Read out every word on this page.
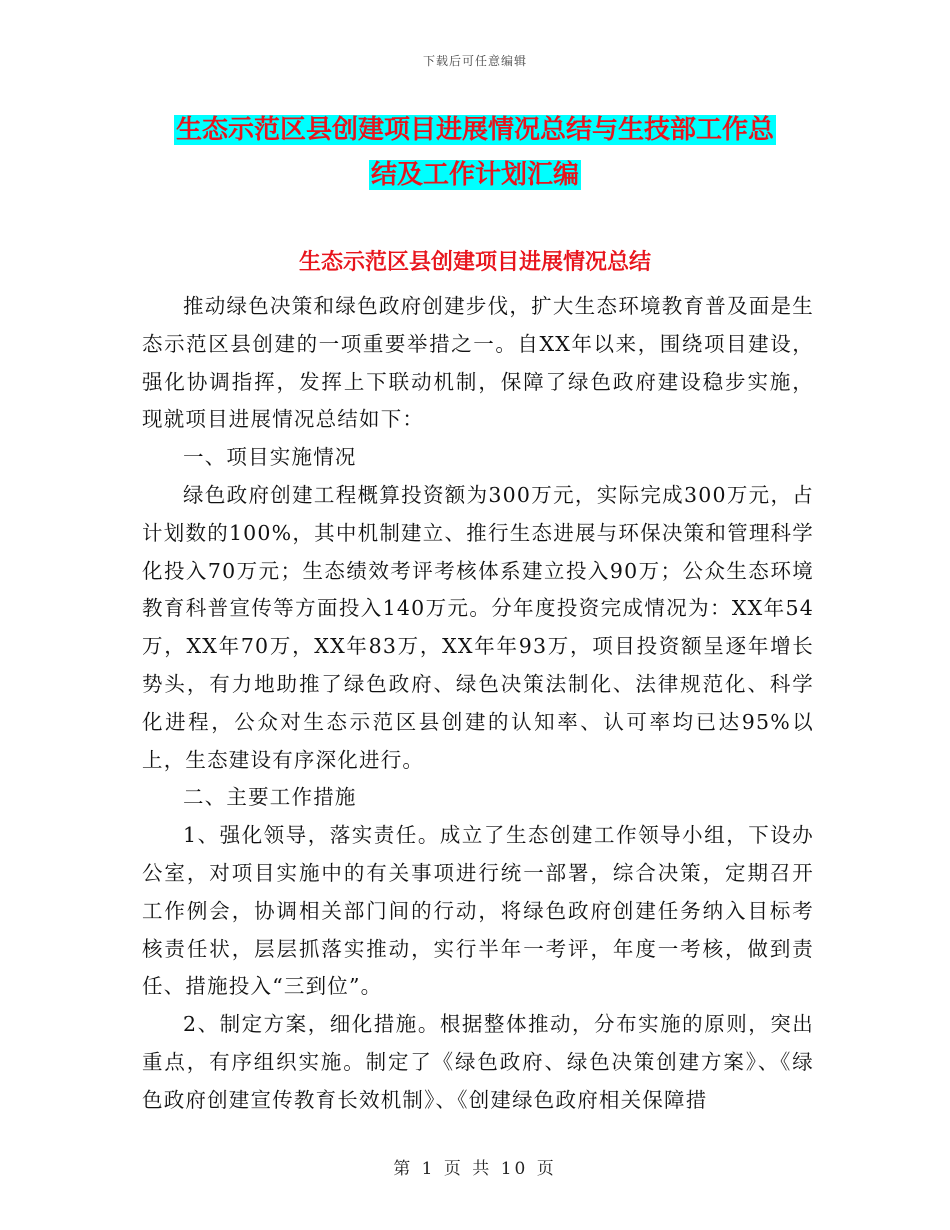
下载后可任意编辑
生态示范区县创建项目进展情况总结与生技部工作总
结及工作计划汇编
生态示范区县创建项目进展情况总结

推动绿色决策和绿色政府创建步伐，扩大生态环境教育普及面是生态示范区县创建的一项重要举措之一。自XX年以来，围绕项目建设，强化协调指挥，发挥上下联动机制，保障了绿色政府建设稳步实施，现就项目进展情况总结如下：

一、项目实施情况

绿色政府创建工程概算投资额为300万元，实际完成300万元，占计划数的100%，其中机制建立、推行生态进展与环保决策和管理科学化投入70万元；生态绩效考评考核体系建立投入90万；公众生态环境教育科普宣传等方面投入140万元。分年度投资完成情况为：XX年54万，XX年70万，XX年83万，XX年年93万，项目投资额呈逐年增长势头，有力地助推了绿色政府、绿色决策法制化、法律规范化、科学化进程，公众对生态示范区县创建的认知率、认可率均已达95%以上，生态建设有序深化进行。

二、主要工作措施

1、强化领导，落实责任。成立了生态创建工作领导小组，下设办公室，对项目实施中的有关事项进行统一部署，综合决策，定期召开工作例会，协调相关部门间的行动，将绿色政府创建任务纳入目标考核责任状，层层抓落实推动，实行半年一考评，年度一考核，做到责任、措施投入“三到位”。

2、制定方案，细化措施。根据整体推动，分布实施的原则，突出重点，有序组织实施。制定了《绿色政府、绿色决策创建方案》、《绿色政府创建宣传教育长效机制》、《创建绿色政府相关保障措

第 1 页 共 10 页
